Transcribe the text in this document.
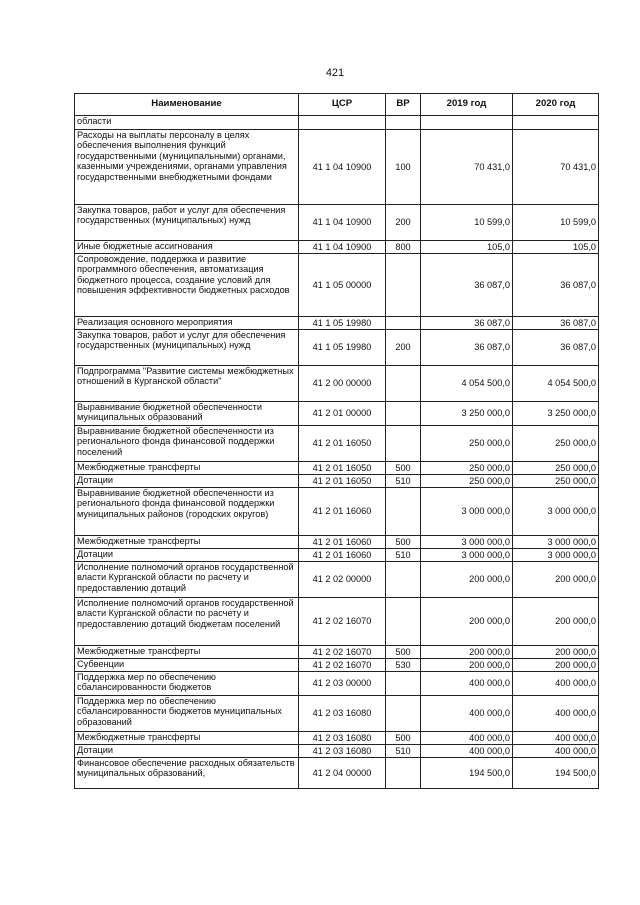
421
Наименование	ЦСР	ВР	2019 год	2020 год
области				
Расходы на выплаты персоналу в целях обеспечения выполнения функций государственными (муниципальными) органами, казенными учреждениями, органами управления государственными внебюджетными фондами	41 1 04 10900	100	70 431,0	70 431,0
Закупка товаров, работ и услуг для обеспечения государственных (муниципальных) нужд	41 1 04 10900	200	10 599,0	10 599,0
Иные бюджетные ассигнования	41 1 04 10900	800	105,0	105,0
Сопровождение, поддержка и развитие программного обеспечения, автоматизация бюджетного процесса, создание условий для повышения эффективности бюджетных расходов	41 1 05 00000		36 087,0	36 087,0
Реализация основного мероприятия	41 1 05 19980		36 087,0	36 087,0
Закупка товаров, работ и услуг для обеспечения государственных (муниципальных) нужд	41 1 05 19980	200	36 087,0	36 087,0
Подпрограмма "Развитие системы межбюджетных отношений в Курганской области"	41 2 00 00000		4 054 500,0	4 054 500,0
Выравнивание бюджетной обеспеченности муниципальных образований	41 2 01 00000		3 250 000,0	3 250 000,0
Выравнивание бюджетной обеспеченности из регионального фонда финансовой поддержки поселений	41 2 01 16050		250 000,0	250 000,0
Межбюджетные трансферты	41 2 01 16050	500	250 000,0	250 000,0
Дотации	41 2 01 16050	510	250 000,0	250 000,0
Выравнивание бюджетной обеспеченности из регионального фонда финансовой поддержки муниципальных районов (городских округов)	41 2 01 16060		3 000 000,0	3 000 000,0
Межбюджетные трансферты	41 2 01 16060	500	3 000 000,0	3 000 000,0
Дотации	41 2 01 16060	510	3 000 000,0	3 000 000,0
Исполнение полномочий органов государственной власти Курганской области по расчету и предоставлению дотаций	41 2 02 00000		200 000,0	200 000,0
Исполнение полномочий органов государственной власти Курганской области по расчету и предоставлению дотаций бюджетам поселений	41 2 02 16070		200 000,0	200 000,0
Межбюджетные трансферты	41 2 02 16070	500	200 000,0	200 000,0
Субвенции	41 2 02 16070	530	200 000,0	200 000,0
Поддержка мер по обеспечению сбалансированности бюджетов	41 2 03 00000		400 000,0	400 000,0
Поддержка мер по обеспечению сбалансированности бюджетов муниципальных образований	41 2 03 16080		400 000,0	400 000,0
Межбюджетные трансферты	41 2 03 16080	500	400 000,0	400 000,0
Дотации	41 2 03 16080	510	400 000,0	400 000,0
Финансовое обеспечение расходных обязательств муниципальных образований,	41 2 04 00000		194 500,0	194 500,0
